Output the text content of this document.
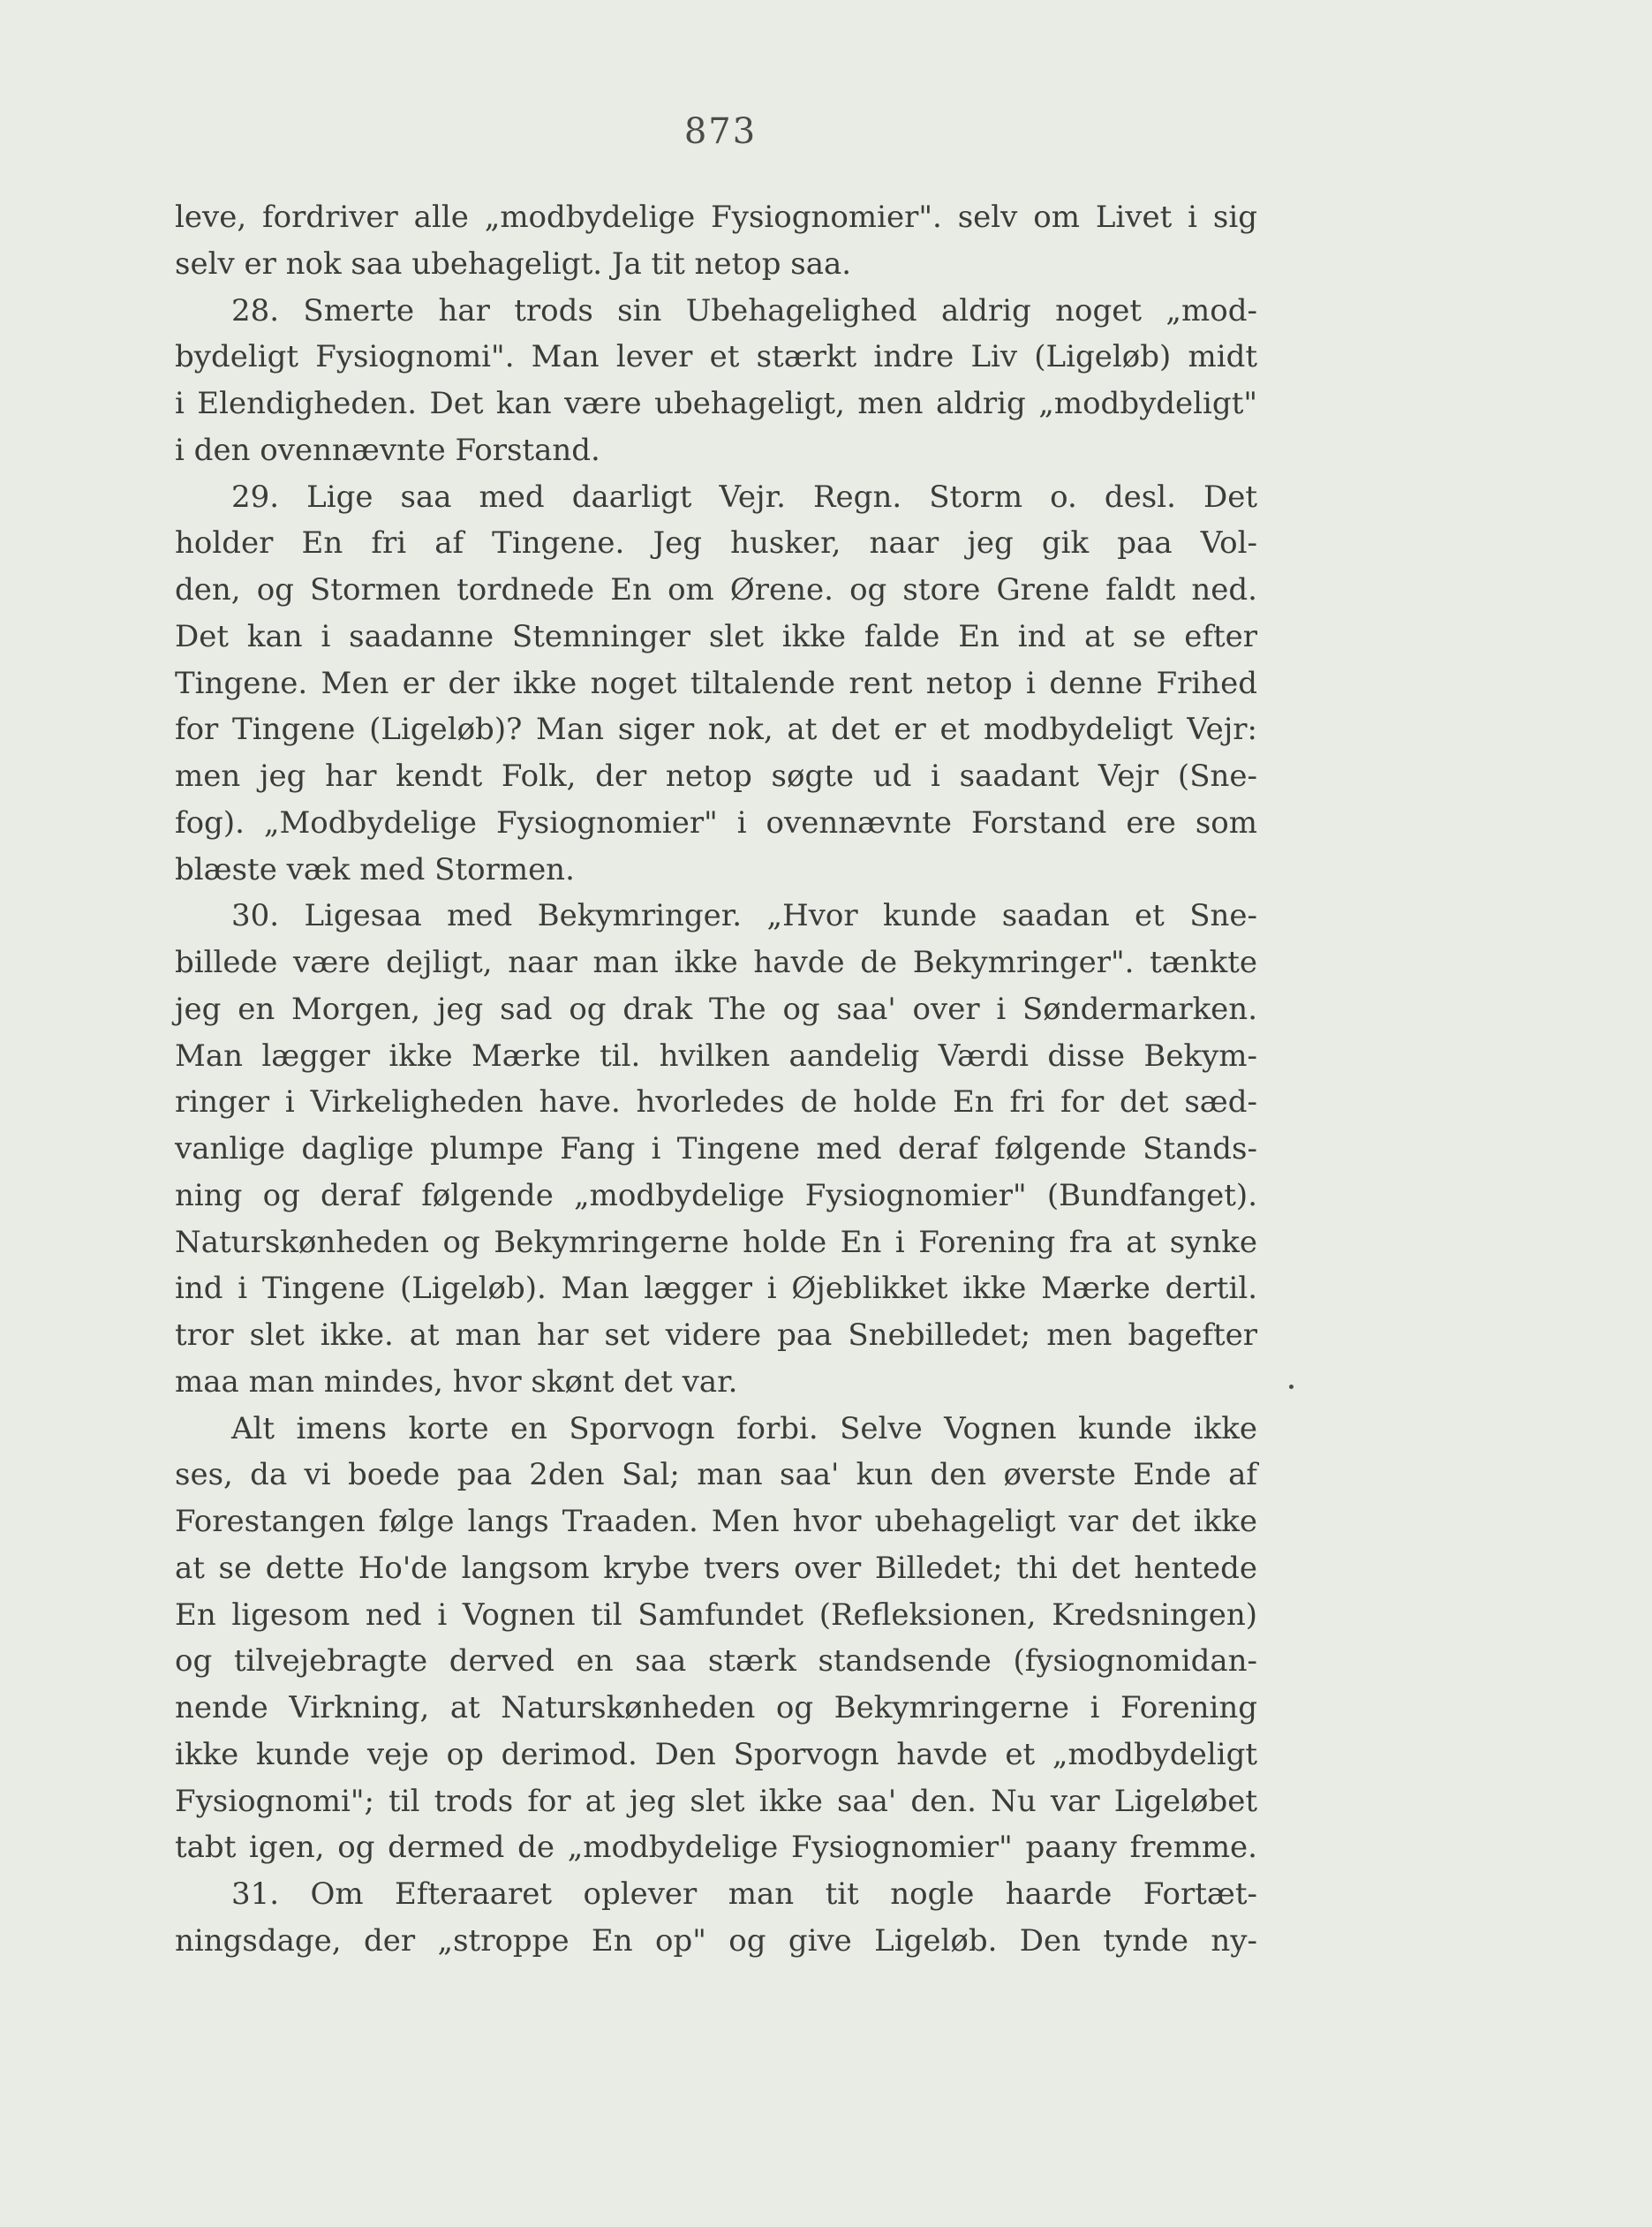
873
leve, fordriver alle „modbydelige Fysiognomier". selv om Livet i sig
selv er nok saa ubehageligt. Ja tit netop saa.
28. Smerte har trods sin Ubehagelighed aldrig noget „mod-
bydeligt Fysiognomi". Man lever et stærkt indre Liv (Ligeløb) midt
i Elendigheden. Det kan være ubehageligt, men aldrig „modbydeligt"
i den ovennævnte Forstand.
29. Lige saa med daarligt Vejr. Regn. Storm o. desl. Det
holder En fri af Tingene. Jeg husker, naar jeg gik paa Vol-
den, og Stormen tordnede En om Ørene. og store Grene faldt ned.
Det kan i saadanne Stemninger slet ikke falde En ind at se efter
Tingene. Men er der ikke noget tiltalende rent netop i denne Frihed
for Tingene (Ligeløb)? Man siger nok, at det er et modbydeligt Vejr:
men jeg har kendt Folk, der netop søgte ud i saadant Vejr (Sne-
fog). „Modbydelige Fysiognomier" i ovennævnte Forstand ere som
blæste væk med Stormen.
30. Ligesaa med Bekymringer. „Hvor kunde saadan et Sne-
billede være dejligt, naar man ikke havde de Bekymringer". tænkte
jeg en Morgen, jeg sad og drak The og saa' over i Søndermarken.
Man lægger ikke Mærke til. hvilken aandelig Værdi disse Bekym-
ringer i Virkeligheden have. hvorledes de holde En fri for det sæd-
vanlige daglige plumpe Fang i Tingene med deraf følgende Stands-
ning og deraf følgende „modbydelige Fysiognomier" (Bundfanget).
Naturskønheden og Bekymringerne holde En i Forening fra at synke
ind i Tingene (Ligeløb). Man lægger i Øjeblikket ikke Mærke dertil.
tror slet ikke. at man har set videre paa Snebilledet; men bagefter
maa man mindes, hvor skønt det var.
Alt imens korte en Sporvogn forbi. Selve Vognen kunde ikke
ses, da vi boede paa 2den Sal; man saa' kun den øverste Ende af
Forestangen følge langs Traaden. Men hvor ubehageligt var det ikke
at se dette Ho'de langsom krybe tvers over Billedet; thi det hentede
En ligesom ned i Vognen til Samfundet (Refleksionen, Kredsningen)
og tilvejebragte derved en saa stærk standsende (fysiognomidan-
nende Virkning, at Naturskønheden og Bekymringerne i Forening
ikke kunde veje op derimod. Den Sporvogn havde et „modbydeligt
Fysiognomi"; til trods for at jeg slet ikke saa' den. Nu var Ligeløbet
tabt igen, og dermed de „modbydelige Fysiognomier" paany fremme.
31. Om Efteraaret oplever man tit nogle haarde Fortæt-
ningsdage, der „stroppe En op" og give Ligeløb. Den tynde ny-
